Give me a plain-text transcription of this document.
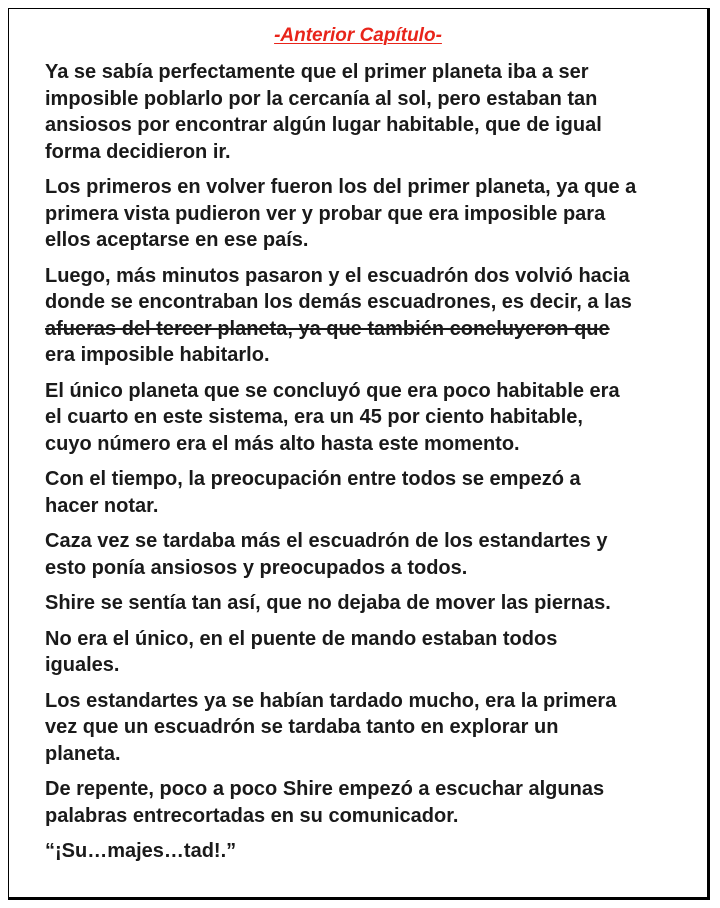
-Anterior Capítulo-

Ya se sabía perfectamente que el primer planeta iba a ser
imposible poblarlo por la cercanía al sol, pero estaban tan
ansiosos por encontrar algún lugar habitable, que de igual
forma decidieron ir.

Los primeros en volver fueron los del primer planeta, ya que a
primera vista pudieron ver y probar que era imposible para
ellos aceptarse en ese país.

Luego, más minutos pasaron y el escuadrón dos volvió hacia
donde se encontraban los demás escuadrones, es decir, a las
afueras del tercer planeta, ya que también concluyeron que
era imposible habitarlo.

El único planeta que se concluyó que era poco habitable era
el cuarto en este sistema, era un 45 por ciento habitable,
cuyo número era el más alto hasta este momento.

Con el tiempo, la preocupación entre todos se empezó a
hacer notar.

Caza vez se tardaba más el escuadrón de los estandartes y
esto ponía ansiosos y preocupados a todos.

Shire se sentía tan así, que no dejaba de mover las piernas.

No era el único, en el puente de mando estaban todos
iguales.

Los estandartes ya se habían tardado mucho, era la primera
vez que un escuadrón se tardaba tanto en explorar un
planeta.

De repente, poco a poco Shire empezó a escuchar algunas
palabras entrecortadas en su comunicador.

“¡Su…majes…tad!.”
